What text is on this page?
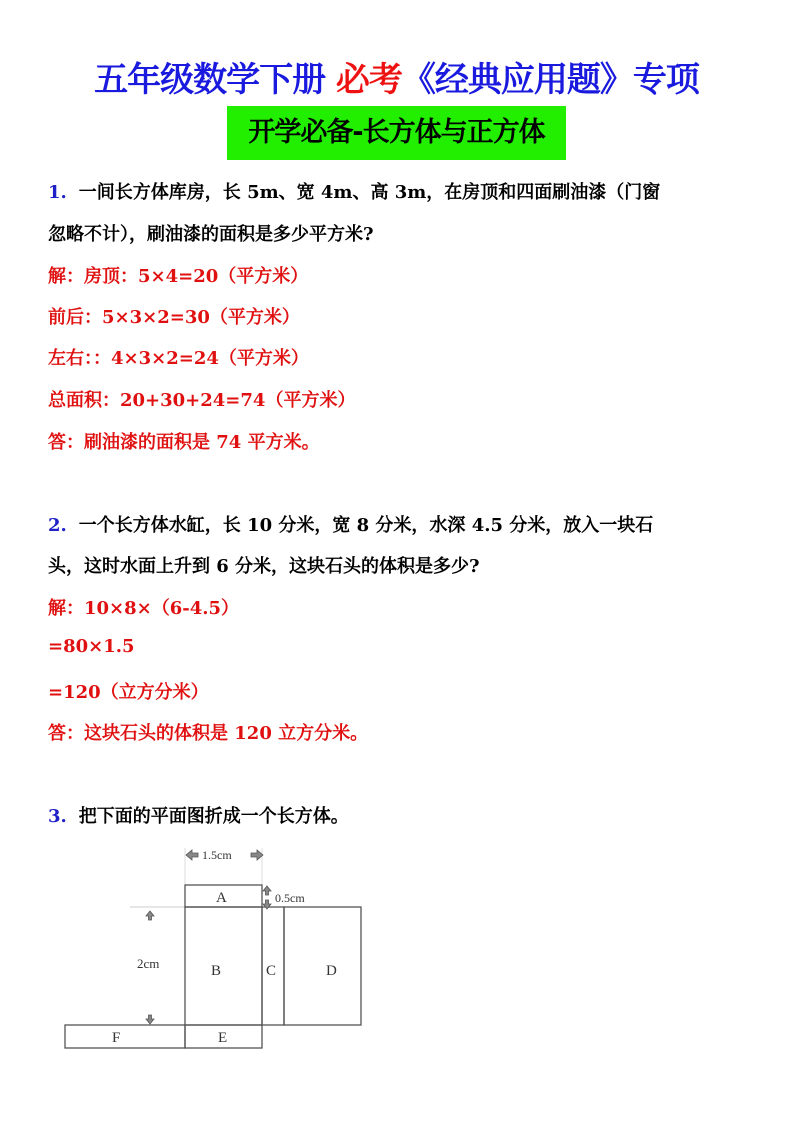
五年级数学下册 必考《经典应用题》专项
开学必备-长方体与正方体
1. 一间长方体库房，长 5m、宽 4m、高 3m，在房顶和四面刷油漆（门窗
忽略不计），刷油漆的面积是多少平方米?
解：房顶：5×4=20（平方米）
前后：5×3×2=30（平方米）
左右：：4×3×2=24（平方米）
总面积：20+30+24=74（平方米）
答：刷油漆的面积是 74 平方米。
2. 一个长方体水缸，长 10 分米，宽 8 分米，水深 4.5 分米，放入一块石
头，这时水面上升到 6 分米，这块石头的体积是多少?
解：10×8×（6-4.5）
=80×1.5
=120（立方分米）
答：这块石头的体积是 120 立方分米。
3. 把下面的平面图折成一个长方体。
1.5cm
0.5cm
2cm
A
B	C	D
E
F
